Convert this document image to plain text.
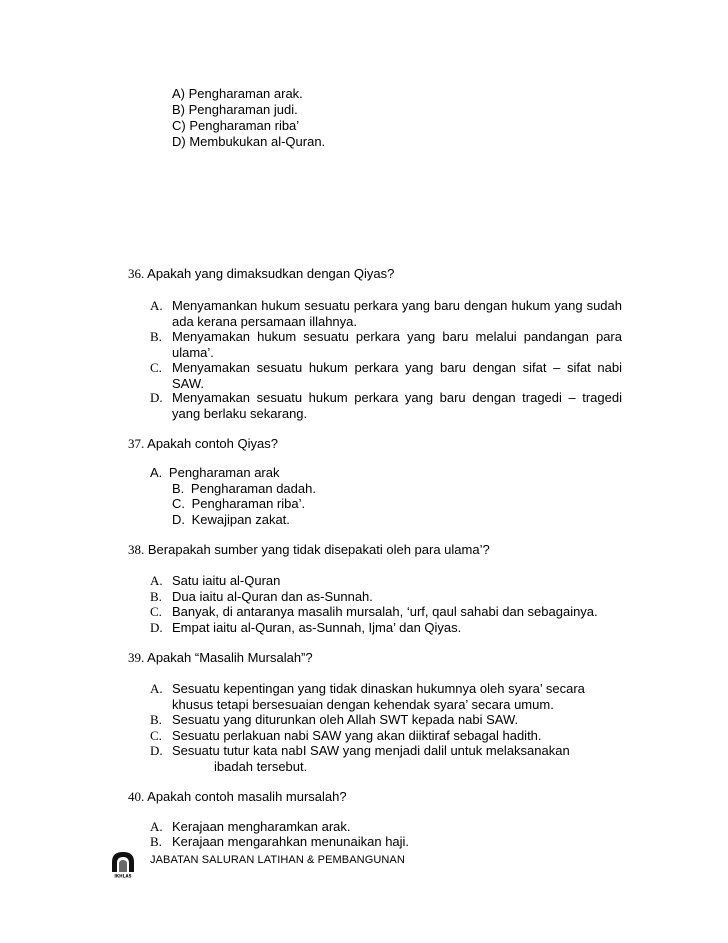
A) Pengharaman arak.
B) Pengharaman judi.
C) Pengharaman riba’
D) Membukukan al-Quran.
36. Apakah yang dimaksudkan dengan Qiyas?
A. Menyamankan hukum sesuatu perkara yang baru dengan hukum yang sudah ada kerana persamaan illahnya.
B. Menyamakan hukum sesuatu perkara yang baru melalui pandangan para ulama’.
C. Menyamakan sesuatu hukum perkara yang baru dengan sifat – sifat nabi SAW.
D. Menyamakan sesuatu hukum perkara yang baru dengan tragedi – tragedi yang berlaku sekarang.
37. Apakah contoh Qiyas?
A. Pengharaman arak
B. Pengharaman dadah.
C. Pengharaman riba’.
D. Kewajipan zakat.
38. Berapakah sumber yang tidak disepakati oleh para ulama’?
A. Satu iaitu al-Quran
B. Dua iaitu al-Quran dan as-Sunnah.
C. Banyak, di antaranya masalih mursalah, ‘urf, qaul sahabi dan sebagainya.
D. Empat iaitu al-Quran, as-Sunnah, Ijma’ dan Qiyas.
39. Apakah “Masalih Mursalah”?
A. Sesuatu kepentingan yang tidak dinaskan hukumnya oleh syara’ secara
khusus tetapi bersesuaian dengan kehendak syara’ secara umum.
B. Sesuatu yang diturunkan oleh Allah SWT kepada nabi SAW.
C. Sesuatu perlakuan nabi SAW yang akan diiktiraf sebagal hadith.
D. Sesuatu tutur kata nabI SAW yang menjadi dalil untuk melaksanakan
ibadah tersebut.
40. Apakah contoh masalih mursalah?
A. Kerajaan mengharamkan arak.
B. Kerajaan mengarahkan menunaikan haji.
IKHLAS
JABATAN SALURAN LATIHAN & PEMBANGUNAN
